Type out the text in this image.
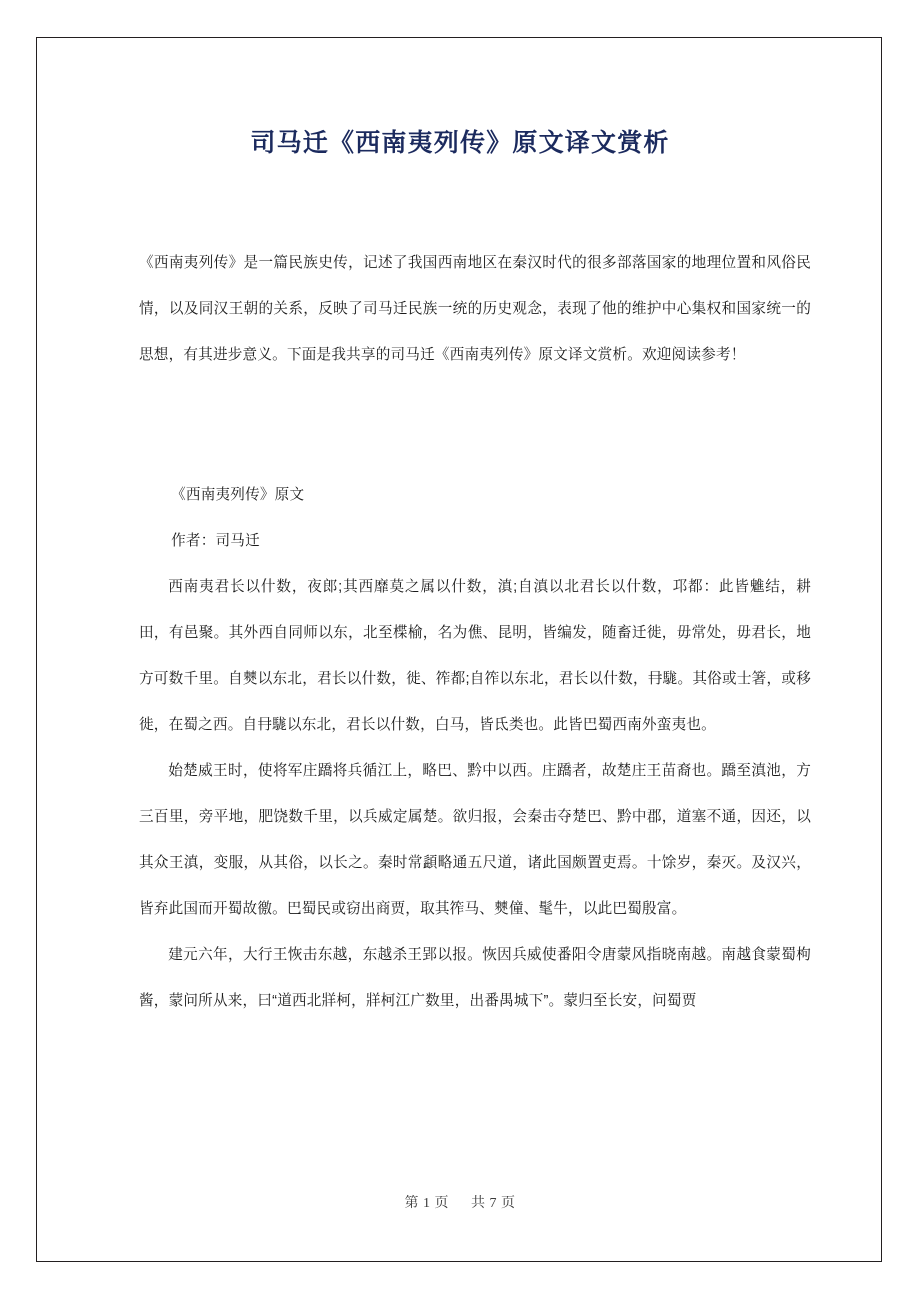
司马迁《西南夷列传》原文译文赏析

《西南夷列传》是一篇民族史传，记述了我国西南地区在秦汉时代的很多部落国家的地理位置和风俗民情，以及同汉王朝的关系，反映了司马迁民族一统的历史观念，表现了他的维护中心集权和国家统一的思想，有其进步意义。下面是我共享的司马迁《西南夷列传》原文译文赏析。欢迎阅读参考！

《西南夷列传》原文

作者：司马迁

西南夷君长以什数，夜郎;其西靡莫之属以什数，滇;自滇以北君长以什数，邛都：此皆魋结，耕田，有邑聚。其外西自同师以东，北至楪榆，名为僬、昆明，皆编发，随畜迁徙，毋常处，毋君长，地方可数千里。自僰以东北，君长以什数，徙、筰都;自筰以东北，君长以什数，冄駹。其俗或士箸，或移徙，在蜀之西。自冄駹以东北，君长以什数，白马，皆氐类也。此皆巴蜀西南外蛮夷也。

始楚威王时，使将军庄蹻将兵循江上，略巴、黔中以西。庄蹻者，故楚庄王苗裔也。蹻至滇池，方三百里，旁平地，肥饶数千里，以兵威定属楚。欲归报，会秦击夺楚巴、黔中郡，道塞不通，因还，以其众王滇，变服，从其俗，以长之。秦时常頿略通五尺道，诸此国颇置吏焉。十馀岁，秦灭。及汉兴，皆弃此国而开蜀故徼。巴蜀民或窃出商贾，取其筰马、僰僮、髦牛，以此巴蜀殷富。

建元六年，大行王恢击东越，东越杀王郢以报。恢因兵威使番阳令唐蒙风指晓南越。南越食蒙蜀枸酱，蒙问所从来，曰“道西北牂柯，牂柯江广数里，出番禺城下”。蒙归至长安，问蜀贾

第 1 页 共 7 页
